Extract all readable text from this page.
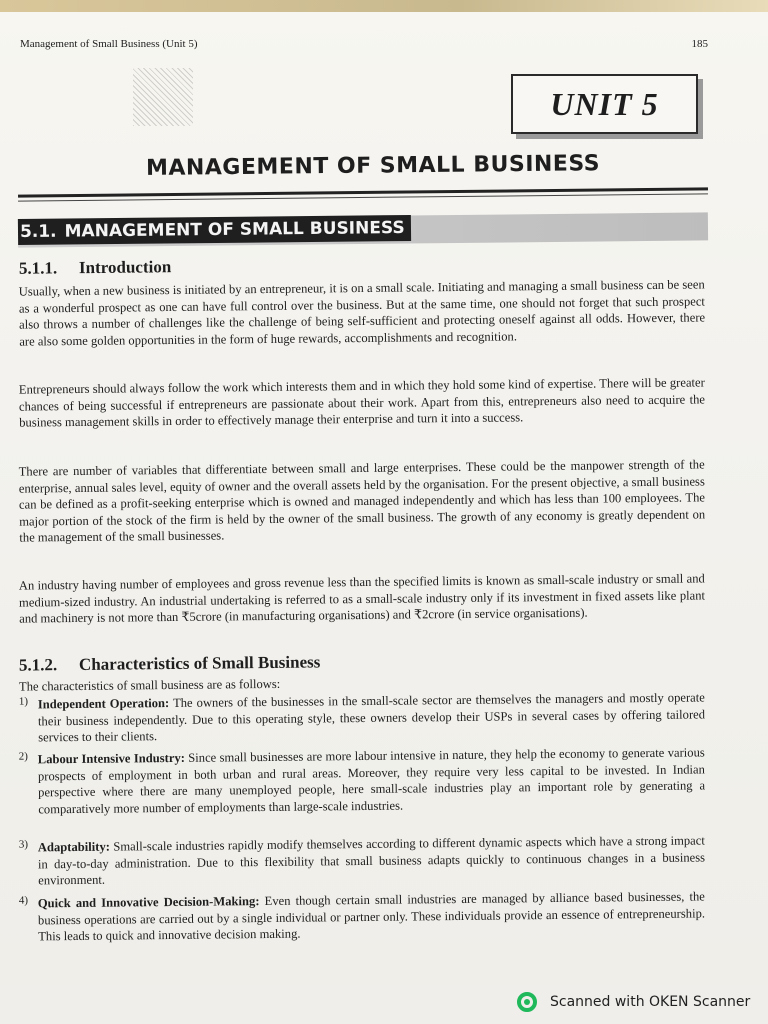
Management of Small Business (Unit 5)	185
UNIT 5
MANAGEMENT OF SMALL BUSINESS
5.1. MANAGEMENT OF SMALL BUSINESS
5.1.1. Introduction
Usually, when a new business is initiated by an entrepreneur, it is on a small scale. Initiating and managing a small business can be seen as a wonderful prospect as one can have full control over the business. But at the same time, one should not forget that such prospect also throws a number of challenges like the challenge of being self-sufficient and protecting oneself against all odds. However, there are also some golden opportunities in the form of huge rewards, accomplishments and recognition.
Entrepreneurs should always follow the work which interests them and in which they hold some kind of expertise. There will be greater chances of being successful if entrepreneurs are passionate about their work. Apart from this, entrepreneurs also need to acquire the business management skills in order to effectively manage their enterprise and turn it into a success.
There are number of variables that differentiate between small and large enterprises. These could be the manpower strength of the enterprise, annual sales level, equity of owner and the overall assets held by the organisation. For the present objective, a small business can be defined as a profit-seeking enterprise which is owned and managed independently and which has less than 100 employees. The major portion of the stock of the firm is held by the owner of the small business. The growth of any economy is greatly dependent on the management of the small businesses.
An industry having number of employees and gross revenue less than the specified limits is known as small-scale industry or small and medium-sized industry. An industrial undertaking is referred to as a small-scale industry only if its investment in fixed assets like plant and machinery is not more than ₹5crore (in manufacturing organisations) and ₹2crore (in service organisations).
5.1.2. Characteristics of Small Business
The characteristics of small business are as follows:
1) Independent Operation: The owners of the businesses in the small-scale sector are themselves the managers and mostly operate their business independently. Due to this operating style, these owners develop their USPs in several cases by offering tailored services to their clients.
2) Labour Intensive Industry: Since small businesses are more labour intensive in nature, they help the economy to generate various prospects of employment in both urban and rural areas. Moreover, they require very less capital to be invested. In Indian perspective where there are many unemployed people, here small-scale industries play an important role by generating a comparatively more number of employments than large-scale industries.
3) Adaptability: Small-scale industries rapidly modify themselves according to different dynamic aspects which have a strong impact in day-to-day administration. Due to this flexibility that small business adapts quickly to continuous changes in a business environment.
4) Quick and Innovative Decision-Making: Even though certain small industries are managed by alliance based businesses, the business operations are carried out by a single individual or partner only. These individuals provide an essence of entrepreneurship. This leads to quick and innovative decision making.
Scanned with OKEN Scanner
